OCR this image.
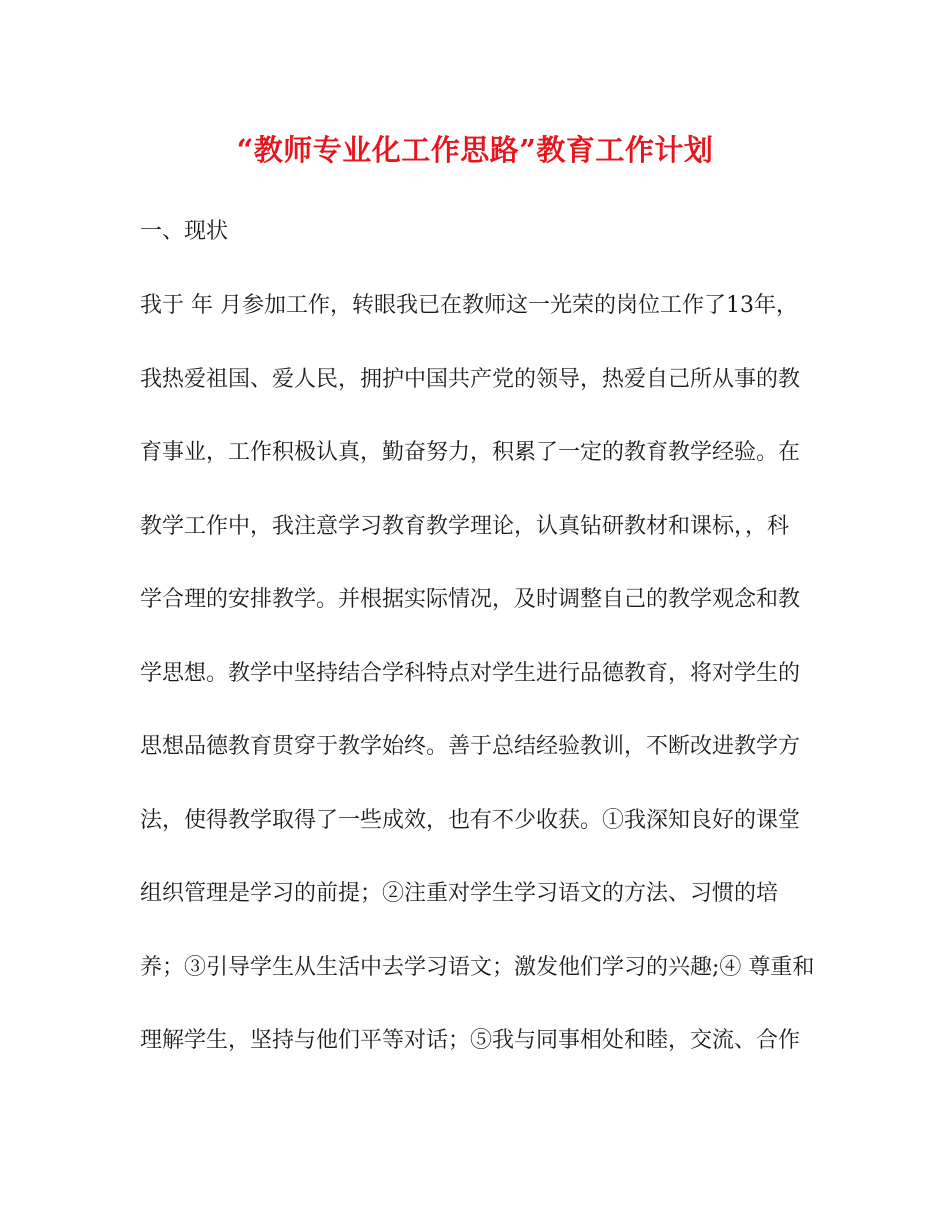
“教师专业化工作思路”教育工作计划
一、现状
我于 年 月参加工作，转眼我已在教师这一光荣的岗位工作了13年，
我热爱祖国、爱人民，拥护中国共产党的领导，热爱自己所从事的教
育事业，工作积极认真，勤奋努力，积累了一定的教育教学经验。在
教学工作中，我注意学习教育教学理论，认真钻研教材和课标，，科
学合理的安排教学。并根据实际情况，及时调整自己的教学观念和教
学思想。教学中坚持结合学科特点对学生进行品德教育，将对学生的
思想品德教育贯穿于教学始终。善于总结经验教训，不断改进教学方
法，使得教学取得了一些成效，也有不少收获。①我深知良好的课堂
组织管理是学习的前提；②注重对学生学习语文的方法、习惯的培
养；③引导学生从生活中去学习语文；激发他们学习的兴趣;④ 尊重和
理解学生，坚持与他们平等对话；⑤我与同事相处和睦，交流、合作
